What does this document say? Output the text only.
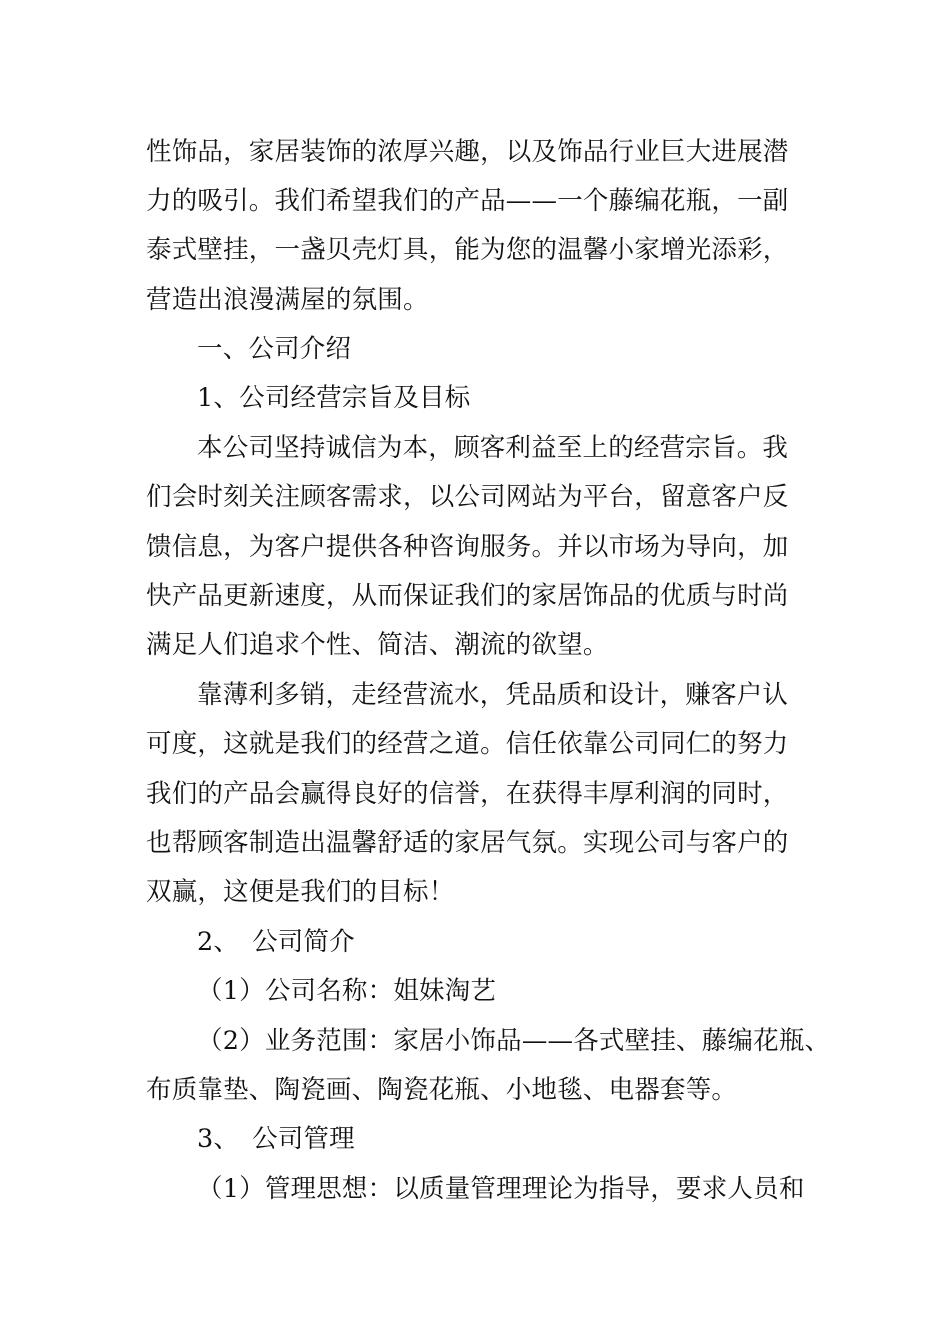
性饰品，家居装饰的浓厚兴趣，以及饰品行业巨大进展潜
力的吸引。我们希望我们的产品——一个藤编花瓶，一副
泰式壁挂，一盏贝壳灯具，能为您的温馨小家增光添彩，
营造出浪漫满屋的氛围。
一、公司介绍
1、公司经营宗旨及目标
本公司坚持诚信为本，顾客利益至上的经营宗旨。我
们会时刻关注顾客需求，以公司网站为平台，留意客户反
馈信息，为客户提供各种咨询服务。并以市场为导向，加
快产品更新速度，从而保证我们的家居饰品的优质与时尚
满足人们追求个性、简洁、潮流的欲望。
靠薄利多销，走经营流水，凭品质和设计，赚客户认
可度，这就是我们的经营之道。信任依靠公司同仁的努力
我们的产品会赢得良好的信誉，在获得丰厚利润的同时，
也帮顾客制造出温馨舒适的家居气氛。实现公司与客户的
双赢，这便是我们的目标！
2、　公司简介
（1）公司名称：姐妹淘艺
（2）业务范围：家居小饰品——各式壁挂、藤编花瓶、
布质靠垫、陶瓷画、陶瓷花瓶、小地毯、电器套等。
3、　公司管理
（1）管理思想：以质量管理理论为指导，要求人员和
